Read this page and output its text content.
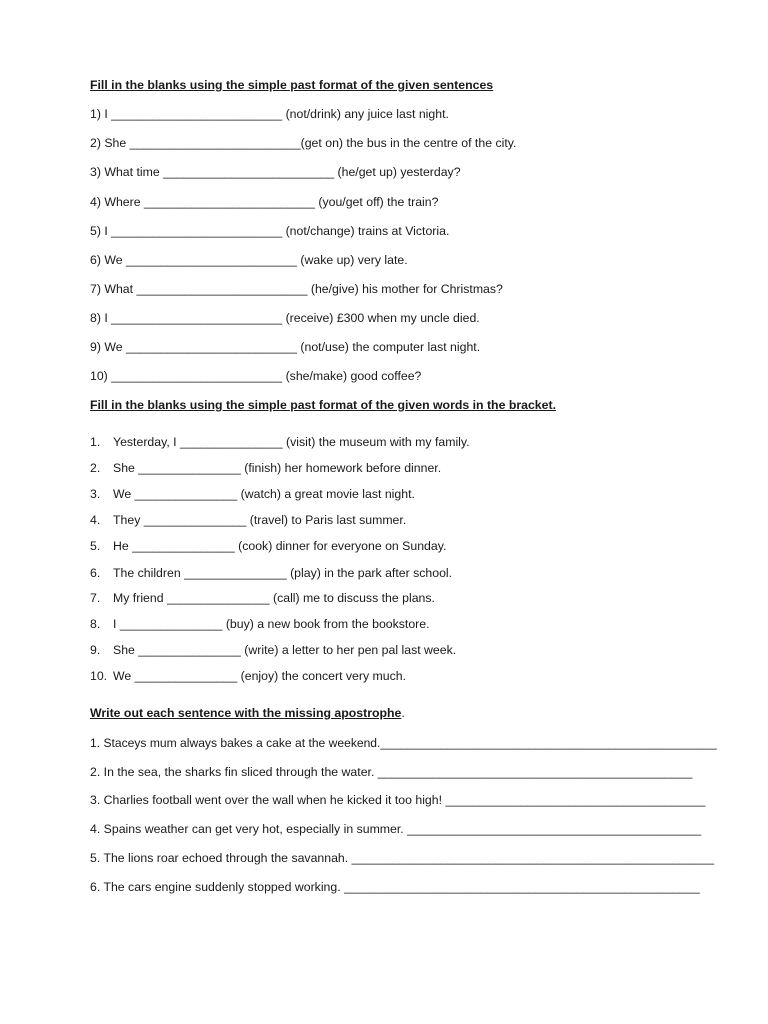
Fill in the blanks using the simple past format of the given sentences
1) I _________________________ (not/drink) any juice last night.
2) She _________________________(get on) the bus in the centre of the city.
3) What time _________________________ (he/get up) yesterday?
4) Where _________________________ (you/get off) the train?
5) I _________________________ (not/change) trains at Victoria.
6) We _________________________ (wake up) very late.
7) What _________________________ (he/give) his mother for Christmas?
8) I _________________________ (receive) £300 when my uncle died.
9) We _________________________ (not/use) the computer last night.
10) _________________________ (she/make) good coffee?
Fill in the blanks using the simple past format of the given words in the bracket.
1. Yesterday, I _______________ (visit) the museum with my family.
2. She _______________ (finish) her homework before dinner.
3. We _______________ (watch) a great movie last night.
4. They _______________ (travel) to Paris last summer.
5. He _______________ (cook) dinner for everyone on Sunday.
6. The children _______________ (play) in the park after school.
7. My friend _______________ (call) me to discuss the plans.
8. I _______________ (buy) a new book from the bookstore.
9. She _______________ (write) a letter to her pen pal last week.
10. We _______________ (enjoy) the concert very much.
Write out each sentence with the missing apostrophe.
1. Staceys mum always bakes a cake at the weekend.__________________________________________________
2. In the sea, the sharks fin sliced through the water. ______________________________________________
3. Charlies football went over the wall when he kicked it too high! ______________________________________
4. Spains weather can get very hot, especially in summer. ___________________________________________
5. The lions roar echoed through the savannah. _____________________________________________________
6. The cars engine suddenly stopped working. ____________________________________________________
